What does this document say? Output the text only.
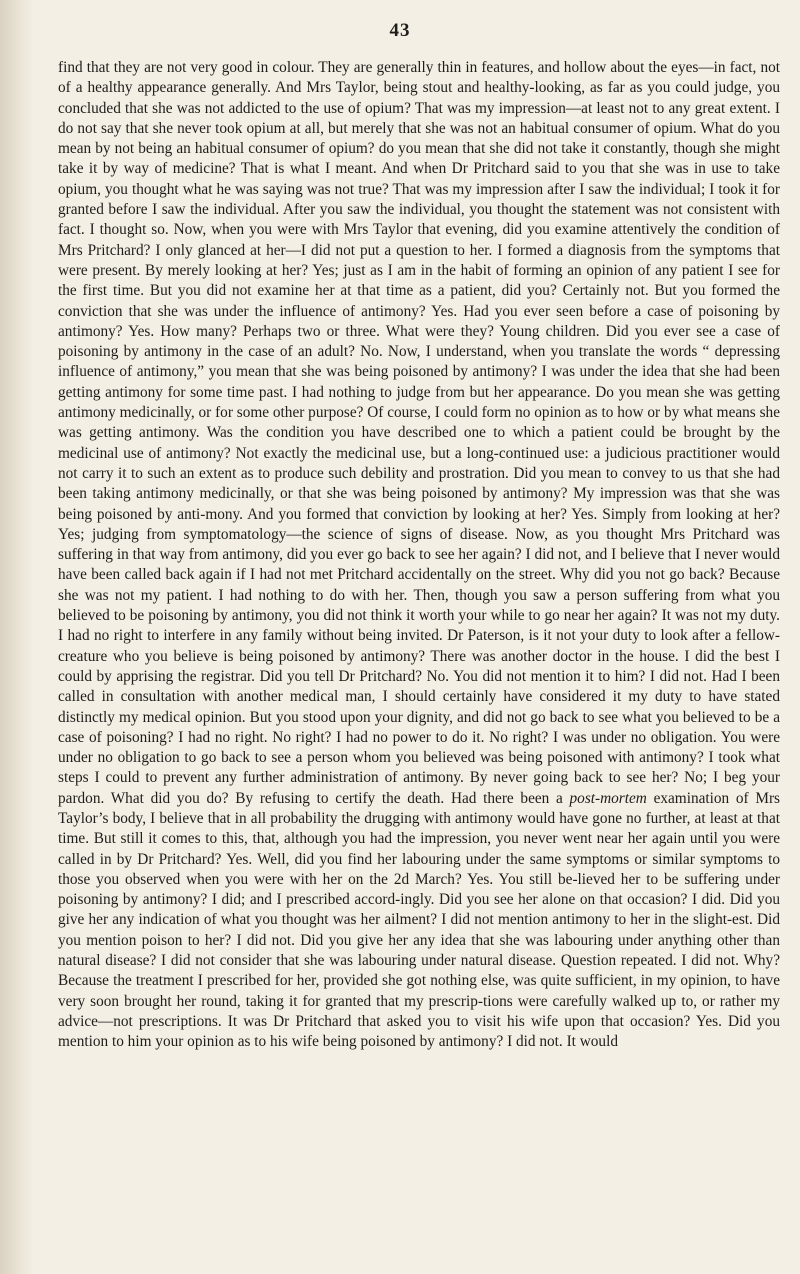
43

find that they are not very good in colour. They are generally thin in features, and hollow about the eyes—in fact, not of a healthy appearance generally. And Mrs Taylor, being stout and healthy-looking, as far as you could judge, you concluded that she was not addicted to the use of opium? That was my impression—at least not to any great extent. I do not say that she never took opium at all, but merely that she was not an habitual consumer of opium. What do you mean by not being an habitual consumer of opium? do you mean that she did not take it constantly, though she might take it by way of medicine? That is what I meant. And when Dr Pritchard said to you that she was in use to take opium, you thought what he was saying was not true? That was my impression after I saw the individual; I took it for granted before I saw the individual. After you saw the individual, you thought the statement was not consistent with fact. I thought so. Now, when you were with Mrs Taylor that evening, did you examine attentively the condition of Mrs Pritchard? I only glanced at her—I did not put a question to her. I formed a diagnosis from the symptoms that were present. By merely looking at her? Yes; just as I am in the habit of forming an opinion of any patient I see for the first time. But you did not examine her at that time as a patient, did you? Certainly not. But you formed the conviction that she was under the influence of antimony? Yes. Had you ever seen before a case of poisoning by antimony? Yes. How many? Perhaps two or three. What were they? Young children. Did you ever see a case of poisoning by antimony in the case of an adult? No. Now, I understand, when you translate the words “ depressing influence of antimony,” you mean that she was being poisoned by antimony? I was under the idea that she had been getting antimony for some time past. I had nothing to judge from but her appearance. Do you mean she was getting antimony medicinally, or for some other purpose? Of course, I could form no opinion as to how or by what means she was getting antimony. Was the condition you have described one to which a patient could be brought by the medicinal use of antimony? Not exactly the medicinal use, but a long-continued use: a judicious practitioner would not carry it to such an extent as to produce such debility and prostration. Did you mean to convey to us that she had been taking antimony medicinally, or that she was being poisoned by antimony? My impression was that she was being poisoned by anti-mony. And you formed that conviction by looking at her? Yes. Simply from looking at her? Yes; judging from symptomatology—the science of signs of disease. Now, as you thought Mrs Pritchard was suffering in that way from antimony, did you ever go back to see her again? I did not, and I believe that I never would have been called back again if I had not met Pritchard accidentally on the street. Why did you not go back? Because she was not my patient. I had nothing to do with her. Then, though you saw a person suffering from what you believed to be poisoning by antimony, you did not think it worth your while to go near her again? It was not my duty. I had no right to interfere in any family without being invited. Dr Paterson, is it not your duty to look after a fellow-creature who you believe is being poisoned by antimony? There was another doctor in the house. I did the best I could by apprising the registrar. Did you tell Dr Pritchard? No. You did not mention it to him? I did not. Had I been called in consultation with another medical man, I should certainly have considered it my duty to have stated distinctly my medical opinion. But you stood upon your dignity, and did not go back to see what you believed to be a case of poisoning? I had no right. No right? I had no power to do it. No right? I was under no obligation. You were under no obligation to go back to see a person whom you believed was being poisoned with antimony? I took what steps I could to prevent any further administration of antimony. By never going back to see her? No; I beg your pardon. What did you do? By refusing to certify the death. Had there been a post-mortem examination of Mrs Taylor’s body, I believe that in all probability the drugging with antimony would have gone no further, at least at that time. But still it comes to this, that, although you had the impression, you never went near her again until you were called in by Dr Pritchard? Yes. Well, did you find her labouring under the same symptoms or similar symptoms to those you observed when you were with her on the 2d March? Yes. You still be-lieved her to be suffering under poisoning by antimony? I did; and I prescribed accord-ingly. Did you see her alone on that occasion? I did. Did you give her any indication of what you thought was her ailment? I did not mention antimony to her in the slight-est. Did you mention poison to her? I did not. Did you give her any idea that she was labouring under anything other than natural disease? I did not consider that she was labouring under natural disease. Question repeated. I did not. Why? Because the treatment I prescribed for her, provided she got nothing else, was quite sufficient, in my opinion, to have very soon brought her round, taking it for granted that my prescrip-tions were carefully walked up to, or rather my advice—not prescriptions. It was Dr Pritchard that asked you to visit his wife upon that occasion? Yes. Did you mention to him your opinion as to his wife being poisoned by antimony? I did not. It would
